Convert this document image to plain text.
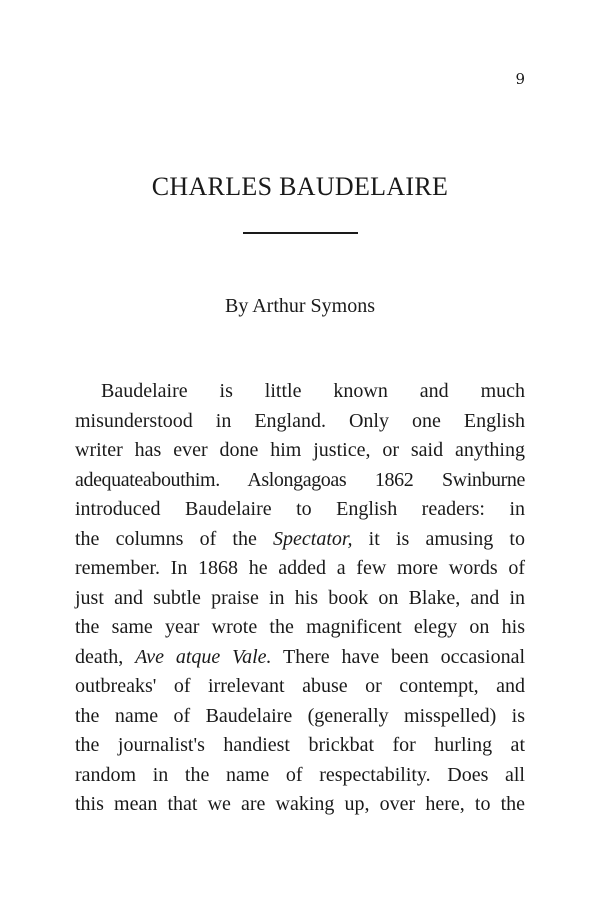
9
CHARLES BAUDELAIRE
By Arthur Symons
Baudelaire is little known and much
misunderstood in England. Only one English
writer has ever done him justice, or said anything
adequateabouthim. Aslongagoas 1862 Swinburne
introduced Baudelaire to English readers: in
the columns of the Spectator, it is amusing to
remember. In 1868 he added a few more words of
just and subtle praise in his book on Blake, and in
the same year wrote the magnificent elegy on his
death, Ave atque Vale. There have been occasional
outbreaks' of irrelevant abuse or contempt, and
the name of Baudelaire (generally misspelled) is
the journalist's handiest brickbat for hurling at
random in the name of respectability. Does all
this mean that we are waking up, over here, to the
